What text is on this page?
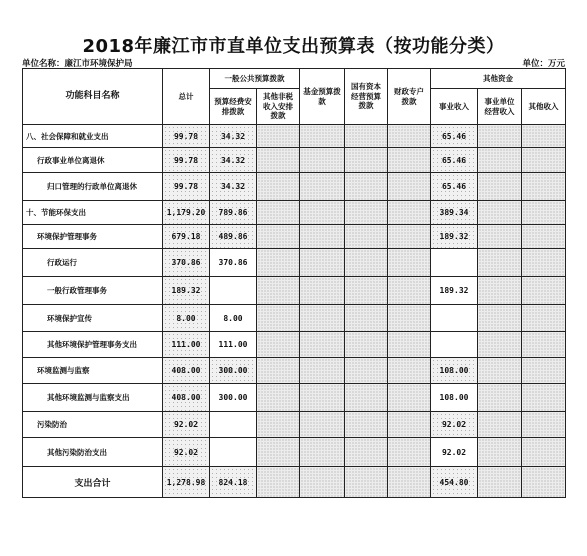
2018年廉江市市直单位支出预算表（按功能分类）
单位名称：廉江市环境保护局	单位：万元
功能科目名称	总计	一般公共预算拨款		基金预算拨款	国有资本经营预算拨款	财政专户拨款	其他资金		
		预算经费安排拨款	其他非税收入安排拨款				事业收入	事业单位经营收入	其他收入

八、社会保障和就业支出	99.78	34.32					65.46		
行政事业单位离退休	99.78	34.32					65.46		
归口管理的行政单位离退休	99.78	34.32					65.46		
十、节能环保支出	1,179.20	789.86					389.34		
环境保护管理事务	679.18	489.86					189.32		
行政运行	370.86	370.86							
一般行政管理事务	189.32						189.32		
环境保护宣传	8.00	8.00							
其他环境保护管理事务支出	111.00	111.00							
环境监测与监察	408.00	300.00					108.00		
其他环境监测与监察支出	408.00	300.00					108.00		
污染防治	92.02						92.02		
其他污染防治支出	92.02						92.02		
支出合计	1,278.98	824.18					454.80		
